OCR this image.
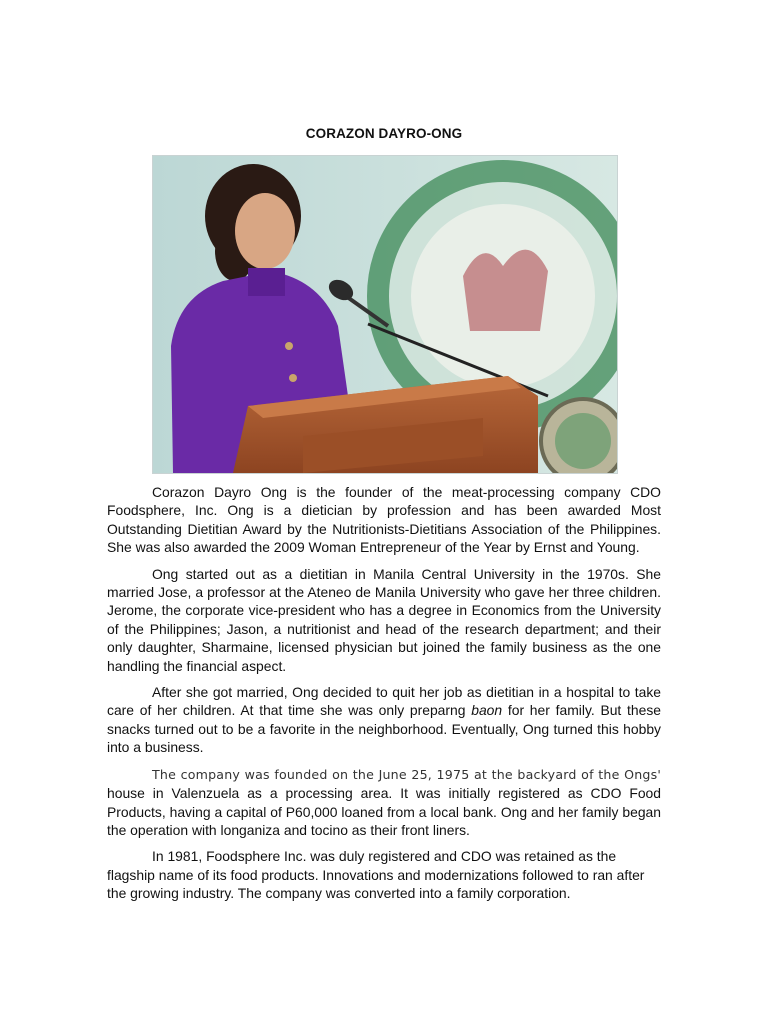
CORAZON DAYRO-ONG

Corazon Dayro Ong is the founder of the meat-processing company CDO Foodsphere, Inc. Ong is a dietician by profession and has been awarded Most Outstanding Dietitian Award by the Nutritionists-Dietitians Association of the Philippines. She was also awarded the 2009 Woman Entrepreneur of the Year by Ernst and Young.

Ong started out as a dietitian in Manila Central University in the 1970s. She married Jose, a professor at the Ateneo de Manila University who gave her three children. Jerome, the corporate vice-president who has a degree in Economics from the University of the Philippines; Jason, a nutritionist and head of the research department; and their only daughter, Sharmaine, licensed physician but joined the family business as the one handling the financial aspect.

After she got married, Ong decided to quit her job as dietitian in a hospital to take care of her children. At that time she was only preparng baon for her family. But these snacks turned out to be a favorite in the neighborhood. Eventually, Ong turned this hobby into a business.

The company was founded on the June 25, 1975 at the backyard of the Ongs' house in Valenzuela as a processing area. It was initially registered as CDO Food Products, having a capital of P60,000 loaned from a local bank. Ong and her family began the operation with longaniza and tocino as their front liners.

In 1981, Foodsphere Inc. was duly registered and CDO was retained as the flagship name of its food products. Innovations and modernizations followed to ran after the growing industry. The company was converted into a family corporation.
